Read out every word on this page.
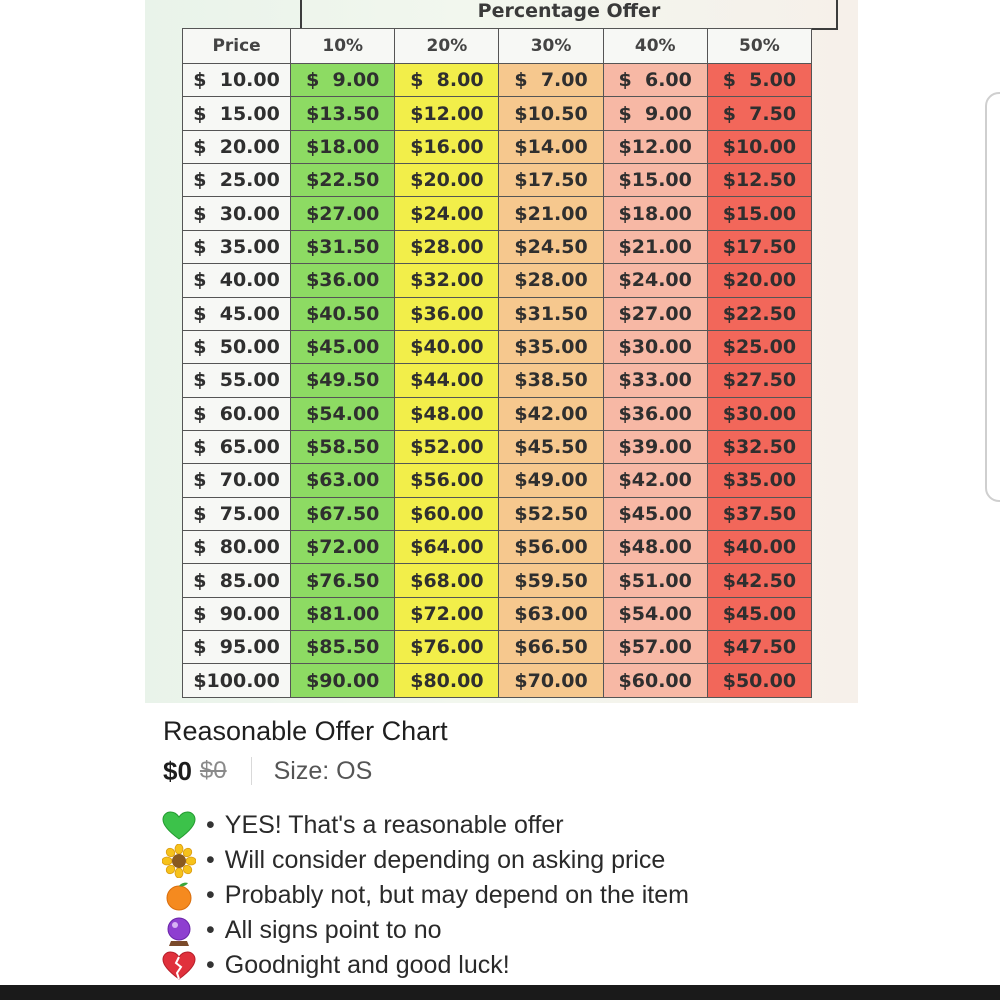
Percentage Offer
Price	10%	20%	30%	40%	50%
$  10.00	$  9.00	$  8.00	$  7.00	$  6.00	$  5.00
$  15.00	$13.50	$12.00	$10.50	$  9.00	$  7.50
$  20.00	$18.00	$16.00	$14.00	$12.00	$10.00
$  25.00	$22.50	$20.00	$17.50	$15.00	$12.50
$  30.00	$27.00	$24.00	$21.00	$18.00	$15.00
$  35.00	$31.50	$28.00	$24.50	$21.00	$17.50
$  40.00	$36.00	$32.00	$28.00	$24.00	$20.00
$  45.00	$40.50	$36.00	$31.50	$27.00	$22.50
$  50.00	$45.00	$40.00	$35.00	$30.00	$25.00
$  55.00	$49.50	$44.00	$38.50	$33.00	$27.50
$  60.00	$54.00	$48.00	$42.00	$36.00	$30.00
$  65.00	$58.50	$52.00	$45.50	$39.00	$32.50
$  70.00	$63.00	$56.00	$49.00	$42.00	$35.00
$  75.00	$67.50	$60.00	$52.50	$45.00	$37.50
$  80.00	$72.00	$64.00	$56.00	$48.00	$40.00
$  85.00	$76.50	$68.00	$59.50	$51.00	$42.50
$  90.00	$81.00	$72.00	$63.00	$54.00	$45.00
$  95.00	$85.50	$76.00	$66.50	$57.00	$47.50
$100.00	$90.00	$80.00	$70.00	$60.00	$50.00
Reasonable Offer Chart
$0 $0 Size: OS
• YES! That's a reasonable offer
• Will consider depending on asking price
• Probably not, but may depend on the item
• All signs point to no
• Goodnight and good luck!
